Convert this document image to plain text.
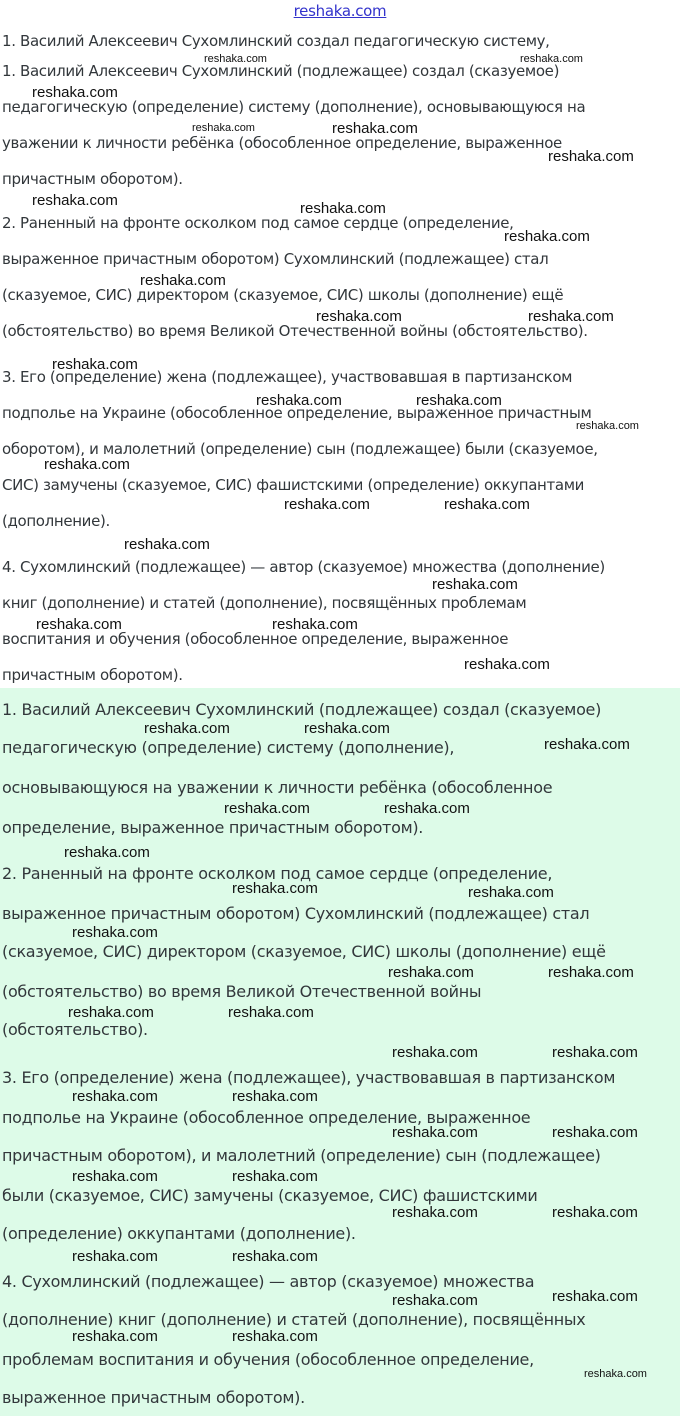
reshaka.com
1. Василий Алексеевич Сухомлинский создал педагогическую систему,
1. Василий Алексеевич Сухомлинский (подлежащее) создал (сказуемое)
педагогическую (определение) систему (дополнение), основывающуюся на
уважении к личности ребёнка (обособленное определение, выраженное
причастным оборотом).
2. Раненный на фронте осколком под самое сердце (определение,
выраженное причастным оборотом) Сухомлинский (подлежащее) стал
(сказуемое, СИС) директором (сказуемое, СИС) школы (дополнение) ещё
(обстоятельство) во время Великой Отечественной войны (обстоятельство).
3. Его (определение) жена (подлежащее), участвовавшая в партизанском
подполье на Украине (обособленное определение, выраженное причастным
оборотом), и малолетний (определение) сын (подлежащее) были (сказуемое,
СИС) замучены (сказуемое, СИС) фашистскими (определение) оккупантами
(дополнение).
4. Сухомлинский (подлежащее) — автор (сказуемое) множества (дополнение)
книг (дополнение) и статей (дополнение), посвящённых проблемам
воспитания и обучения (обособленное определение, выраженное
причастным оборотом).
1. Василий Алексеевич Сухомлинский (подлежащее) создал (сказуемое)
педагогическую (определение) систему (дополнение),
основывающуюся на уважении к личности ребёнка (обособленное
определение, выраженное причастным оборотом).
2. Раненный на фронте осколком под самое сердце (определение,
выраженное причастным оборотом) Сухомлинский (подлежащее) стал
(сказуемое, СИС) директором (сказуемое, СИС) школы (дополнение) ещё
(обстоятельство) во время Великой Отечественной войны
(обстоятельство).
3. Его (определение) жена (подлежащее), участвовавшая в партизанском
подполье на Украине (обособленное определение, выраженное
причастным оборотом), и малолетний (определение) сын (подлежащее)
были (сказуемое, СИС) замучены (сказуемое, СИС) фашистскими
(определение) оккупантами (дополнение).
4. Сухомлинский (подлежащее) — автор (сказуемое) множества
(дополнение) книг (дополнение) и статей (дополнение), посвящённых
проблемам воспитания и обучения (обособленное определение,
выраженное причастным оборотом).
reshaka.com	reshaka.com
reshaka.com
reshaka.com	reshaka.com
reshaka.com
reshaka.com	reshaka.com
reshaka.com
reshaka.com
reshaka.com	reshaka.com
reshaka.com
reshaka.com	reshaka.com
reshaka.com
reshaka.com
reshaka.com	reshaka.com
reshaka.com
reshaka.com
reshaka.com	reshaka.com
reshaka.com
reshaka.com	reshaka.com
reshaka.com
reshaka.com	reshaka.com
reshaka.com
reshaka.com	reshaka.com
reshaka.com
reshaka.com	reshaka.com
reshaka.com	reshaka.com
reshaka.com	reshaka.com
reshaka.com	reshaka.com
reshaka.com	reshaka.com
reshaka.com	reshaka.com
reshaka.com	reshaka.com
reshaka.com	reshaka.com
reshaka.com	reshaka.com
reshaka.com	reshaka.com
reshaka.com
